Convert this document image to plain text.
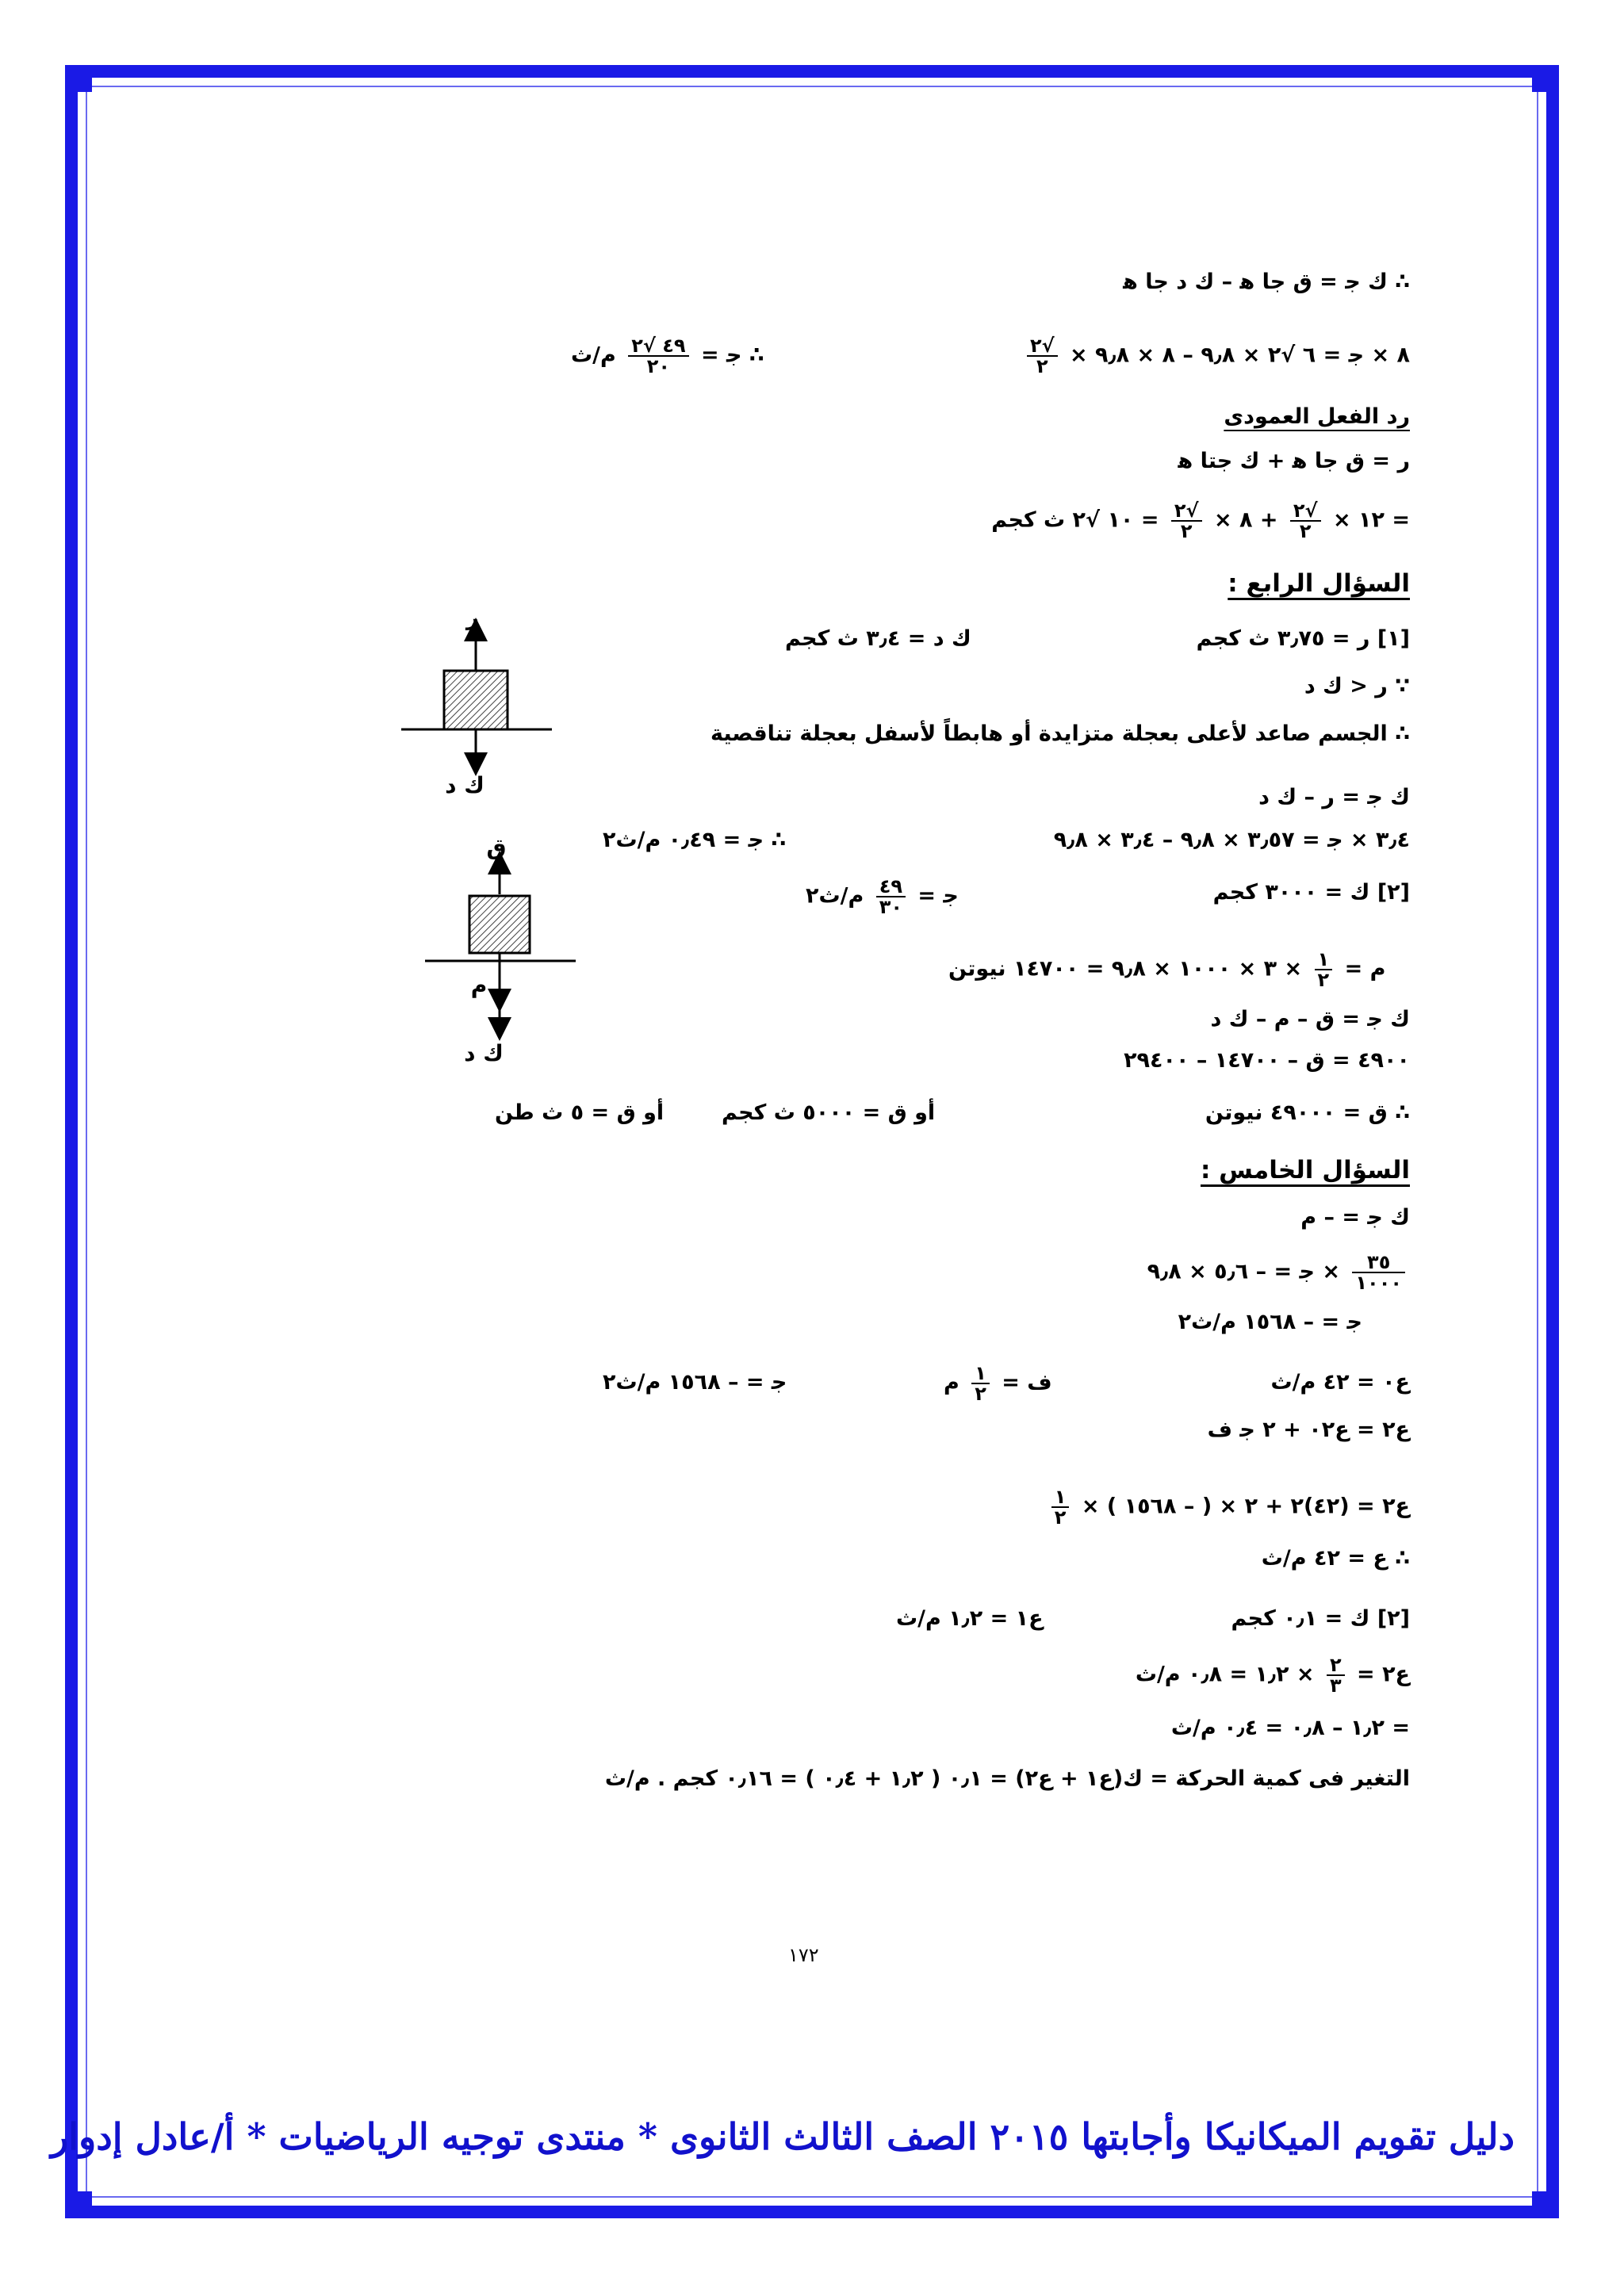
∴ ك ﺟ = ﻕ ﺟﺎ ﻫ – ﻙ ﺩ ﺟﺎ ﻫ
٨ × ﺟ = ٦ √٢ × ٩٫٨ – ٨ × ٩٫٨ ×
$\frac{√٢}{٢}$
∴ ﺟ =
$\frac{٤٩ √٢}{٢٠}$
م/ث
رد الفعل العمودى
ر = ق جا ﻫ + ك جتا ﻫ
= ١٢ ×
$\frac{√٢}{٢}$
+ ٨ ×
$\frac{√٢}{٢}$
= ١٠ √٢ ث كجم
السؤال الرابع :
[١] ر = ٣٫٧٥ ث كجم
ك د = ٣٫٤ ث كجم
∵ ر < ك د
∴ الجسم صاعد لأعلى بعجلة متزايدة أو هابطاً لأسفل بعجلة تناقصية
ك ﺟ = ر – ك د
٣٫٤ × ﺟ = ٣٫٥٧ × ٩٫٨ – ٣٫٤ × ٩٫٨
∴ ﺟ = ٠٫٤٩ م/ث٢
[٢] ك = ٣٠٠٠ كجم
ﺟ =
$\frac{٤٩}{٣٠}$
م/ث٢
م =
$\frac{١}{٢}$
× ٣ × ١٠٠٠ × ٩٫٨ = ١٤٧٠٠ نيوتن
ك ﺟ = ق – م – ك د
٤٩٠٠ = ق – ١٤٧٠٠ – ٢٩٤٠٠
∴ ق = ٤٩٠٠٠ نيوتن
أو ق = ٥٠٠٠ ث كجم
أو ق = ٥ ث طن
السؤال الخامس :
ك ﺟ = – م
$\frac{٣٥}{١٠٠٠}$
× ﺟ = – ٥٫٦ × ٩٫٨
ﺟ = – ١٥٦٨ م/ث٢
ع٠ = ٤٢ م/ث
ف =
$\frac{١}{٢}$
م
ﺟ = – ١٥٦٨ م/ث٢
ع٢ = ع٠٢ + ٢ ﺟ ف
ع٢ = (٤٢)٢ + ٢ × ( – ١٥٦٨ ) ×
$\frac{١}{٢}$
∴ ع = ٤٢ م/ث
[٢] ك = ٠٫١ كجم
ع١ = ١٫٢ م/ث
ع٢ =
$\frac{٢}{٣}$
× ١٫٢ = ٠٫٨ م/ث
= ١٫٢ – ٠٫٨ = ٠٫٤ م/ث
التغير فى كمية الحركة = ك(ع١ + ع٢) = ٠٫١ ( ١٫٢ + ٠٫٤ ) = ٠٫١٦ كجم . م/ث
ر
ك د
ق
م
ك د
١٧٢
دليل تقويم الميكانيكا وأجابتها ٢٠١٥ الصف الثالث الثانوى * منتدى توجيه الرياضيات * أ/عادل إدوار
